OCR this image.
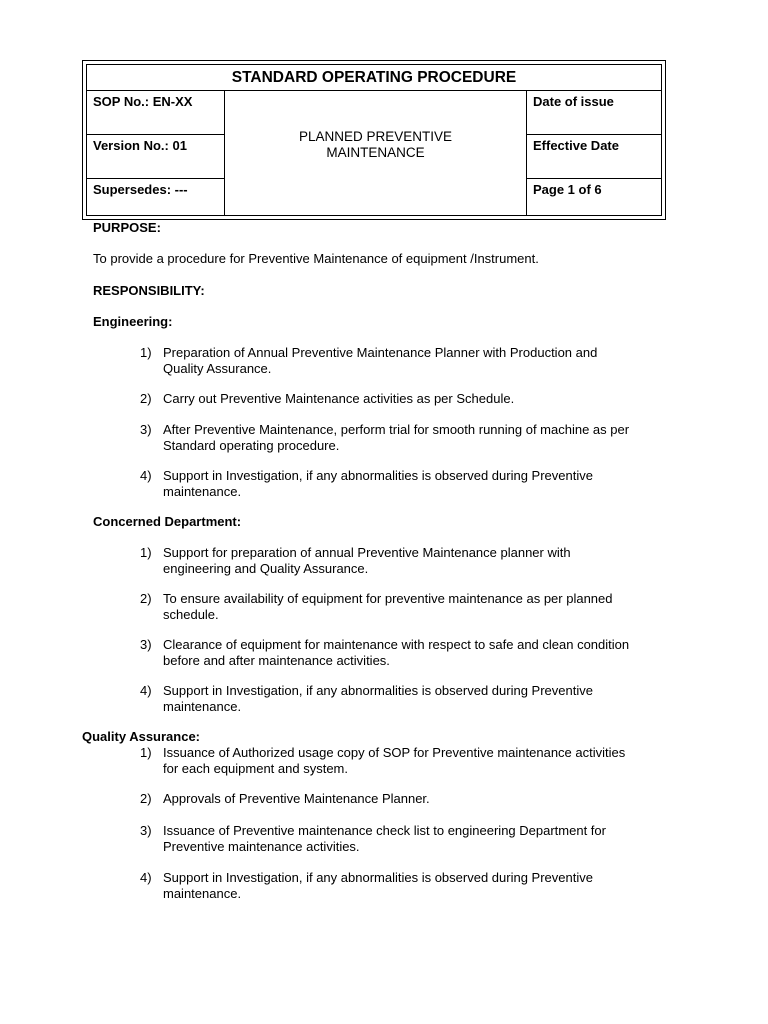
STANDARD OPERATING PROCEDURE
SOP No.: EN-XX
Version No.: 01
Supersedes: ---
PLANNED PREVENTIVE MAINTENANCE
Date of issue
Effective Date
Page 1 of 6
PURPOSE:
To provide a procedure for Preventive Maintenance of equipment /Instrument.
RESPONSIBILITY:
Engineering:
1) Preparation of Annual Preventive Maintenance Planner with Production and
Quality Assurance.
2) Carry out Preventive Maintenance activities as per Schedule.
3) After Preventive Maintenance, perform trial for smooth running of machine as per
Standard operating procedure.
4) Support in Investigation, if any abnormalities is observed during Preventive
maintenance.
Concerned Department:
1) Support for preparation of annual Preventive Maintenance planner with
engineering and Quality Assurance.
2) To ensure availability of equipment for preventive maintenance as per planned
schedule.
3) Clearance of equipment for maintenance with respect to safe and clean condition
before and after maintenance activities.
4) Support in Investigation, if any abnormalities is observed during Preventive
maintenance.
Quality Assurance:
1) Issuance of Authorized usage copy of SOP for Preventive maintenance activities
for each equipment and system.
2) Approvals of Preventive Maintenance Planner.
3) Issuance of Preventive maintenance check list to engineering Department for
Preventive maintenance activities.
4) Support in Investigation, if any abnormalities is observed during Preventive
maintenance.
